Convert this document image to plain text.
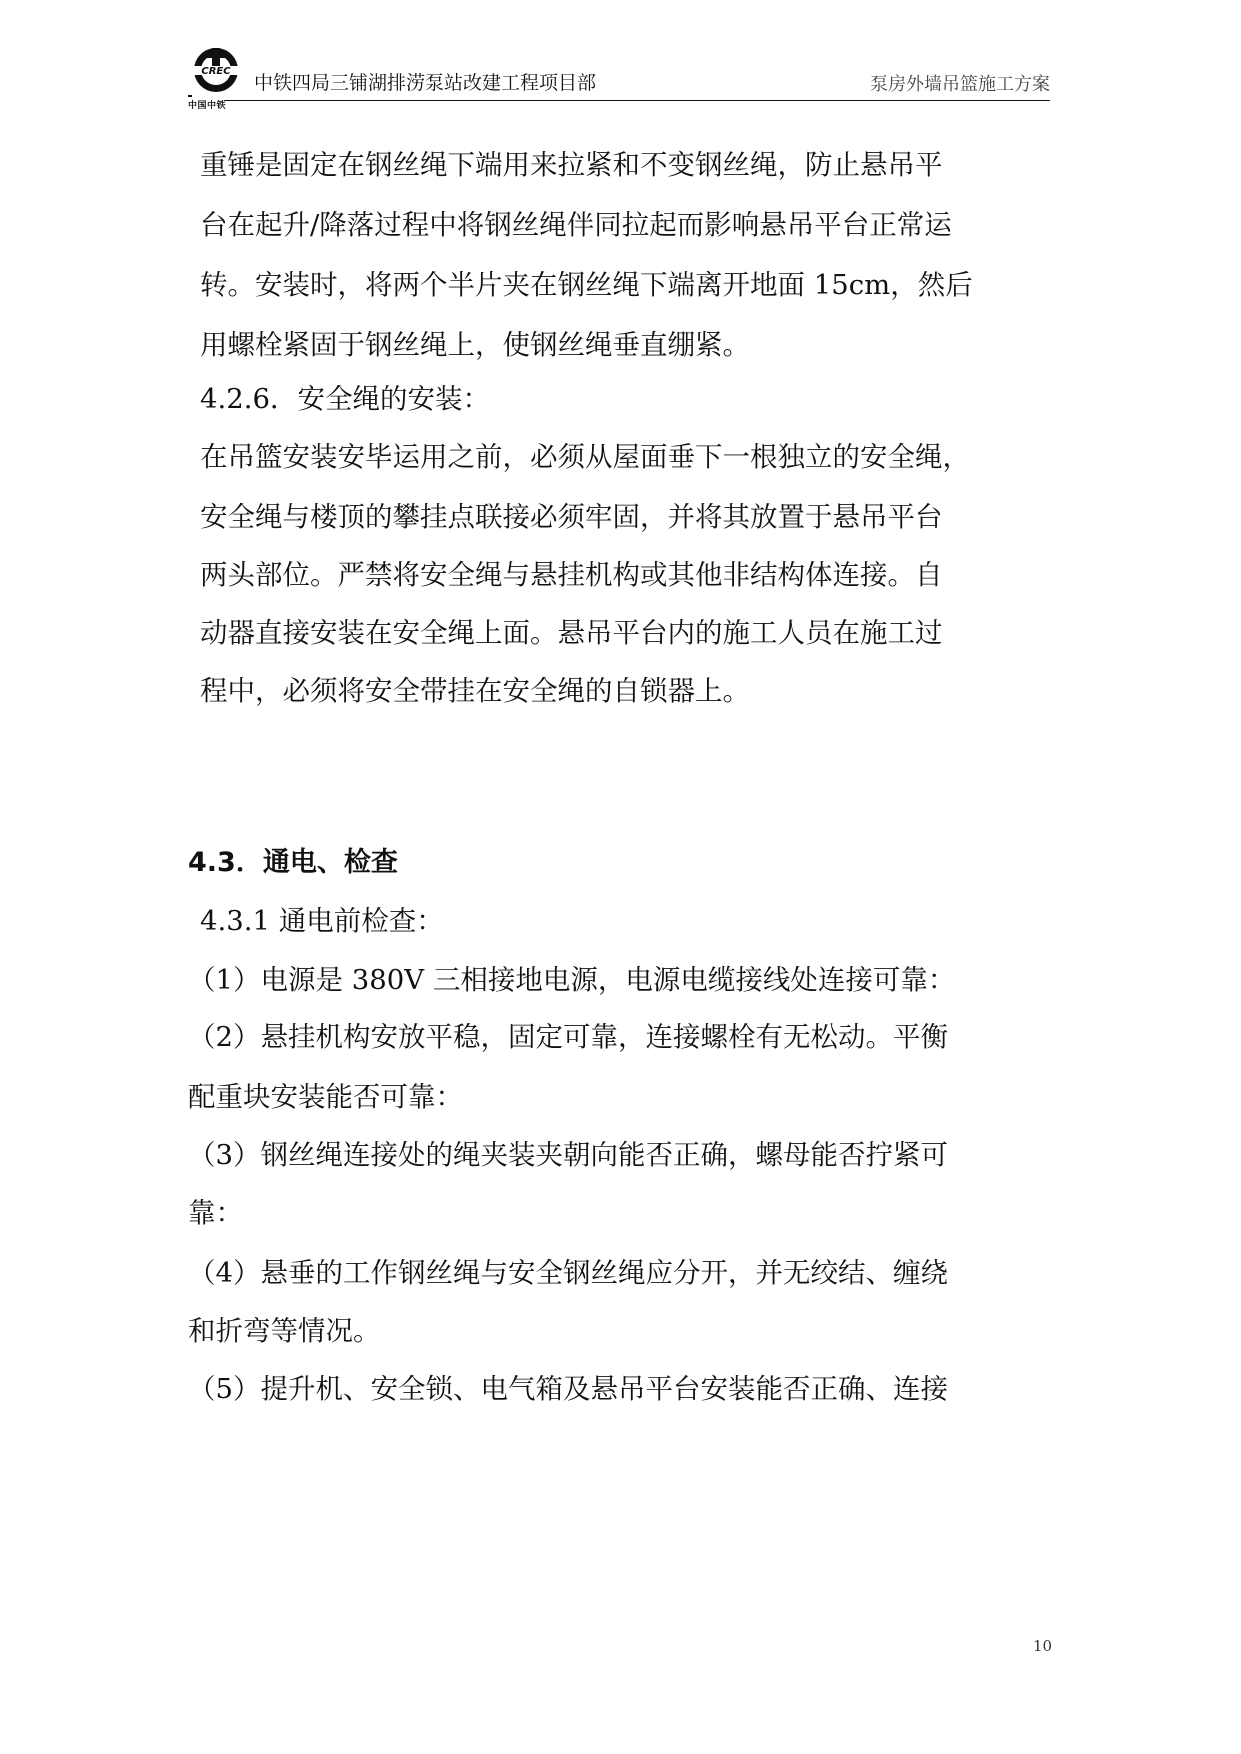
CREC
中国中铁
中铁四局三铺湖排涝泵站改建工程项目部	泵房外墙吊篮施工方案
重锤是固定在钢丝绳下端用来拉紧和不变钢丝绳，防止悬吊平
台在起升/降落过程中将钢丝绳伴同拉起而影响悬吊平台正常运
转。安装时，将两个半片夹在钢丝绳下端离开地面 15cm，然后
用螺栓紧固于钢丝绳上，使钢丝绳垂直绷紧。
4.2.6．安全绳的安装：
在吊篮安装安毕运用之前，必须从屋面垂下一根独立的安全绳，
安全绳与楼顶的攀挂点联接必须牢固，并将其放置于悬吊平台
两头部位。严禁将安全绳与悬挂机构或其他非结构体连接。自
动器直接安装在安全绳上面。悬吊平台内的施工人员在施工过
程中，必须将安全带挂在安全绳的自锁器上。
4.3．通电、检查
4.3.1 通电前检查：
（1）电源是 380V 三相接地电源，电源电缆接线处连接可靠：
（2）悬挂机构安放平稳，固定可靠，连接螺栓有无松动。平衡
配重块安装能否可靠：
（3）钢丝绳连接处的绳夹装夹朝向能否正确，螺母能否拧紧可
靠：
（4）悬垂的工作钢丝绳与安全钢丝绳应分开，并无绞结、缠绕
和折弯等情况。
（5）提升机、安全锁、电气箱及悬吊平台安装能否正确、连接
10
